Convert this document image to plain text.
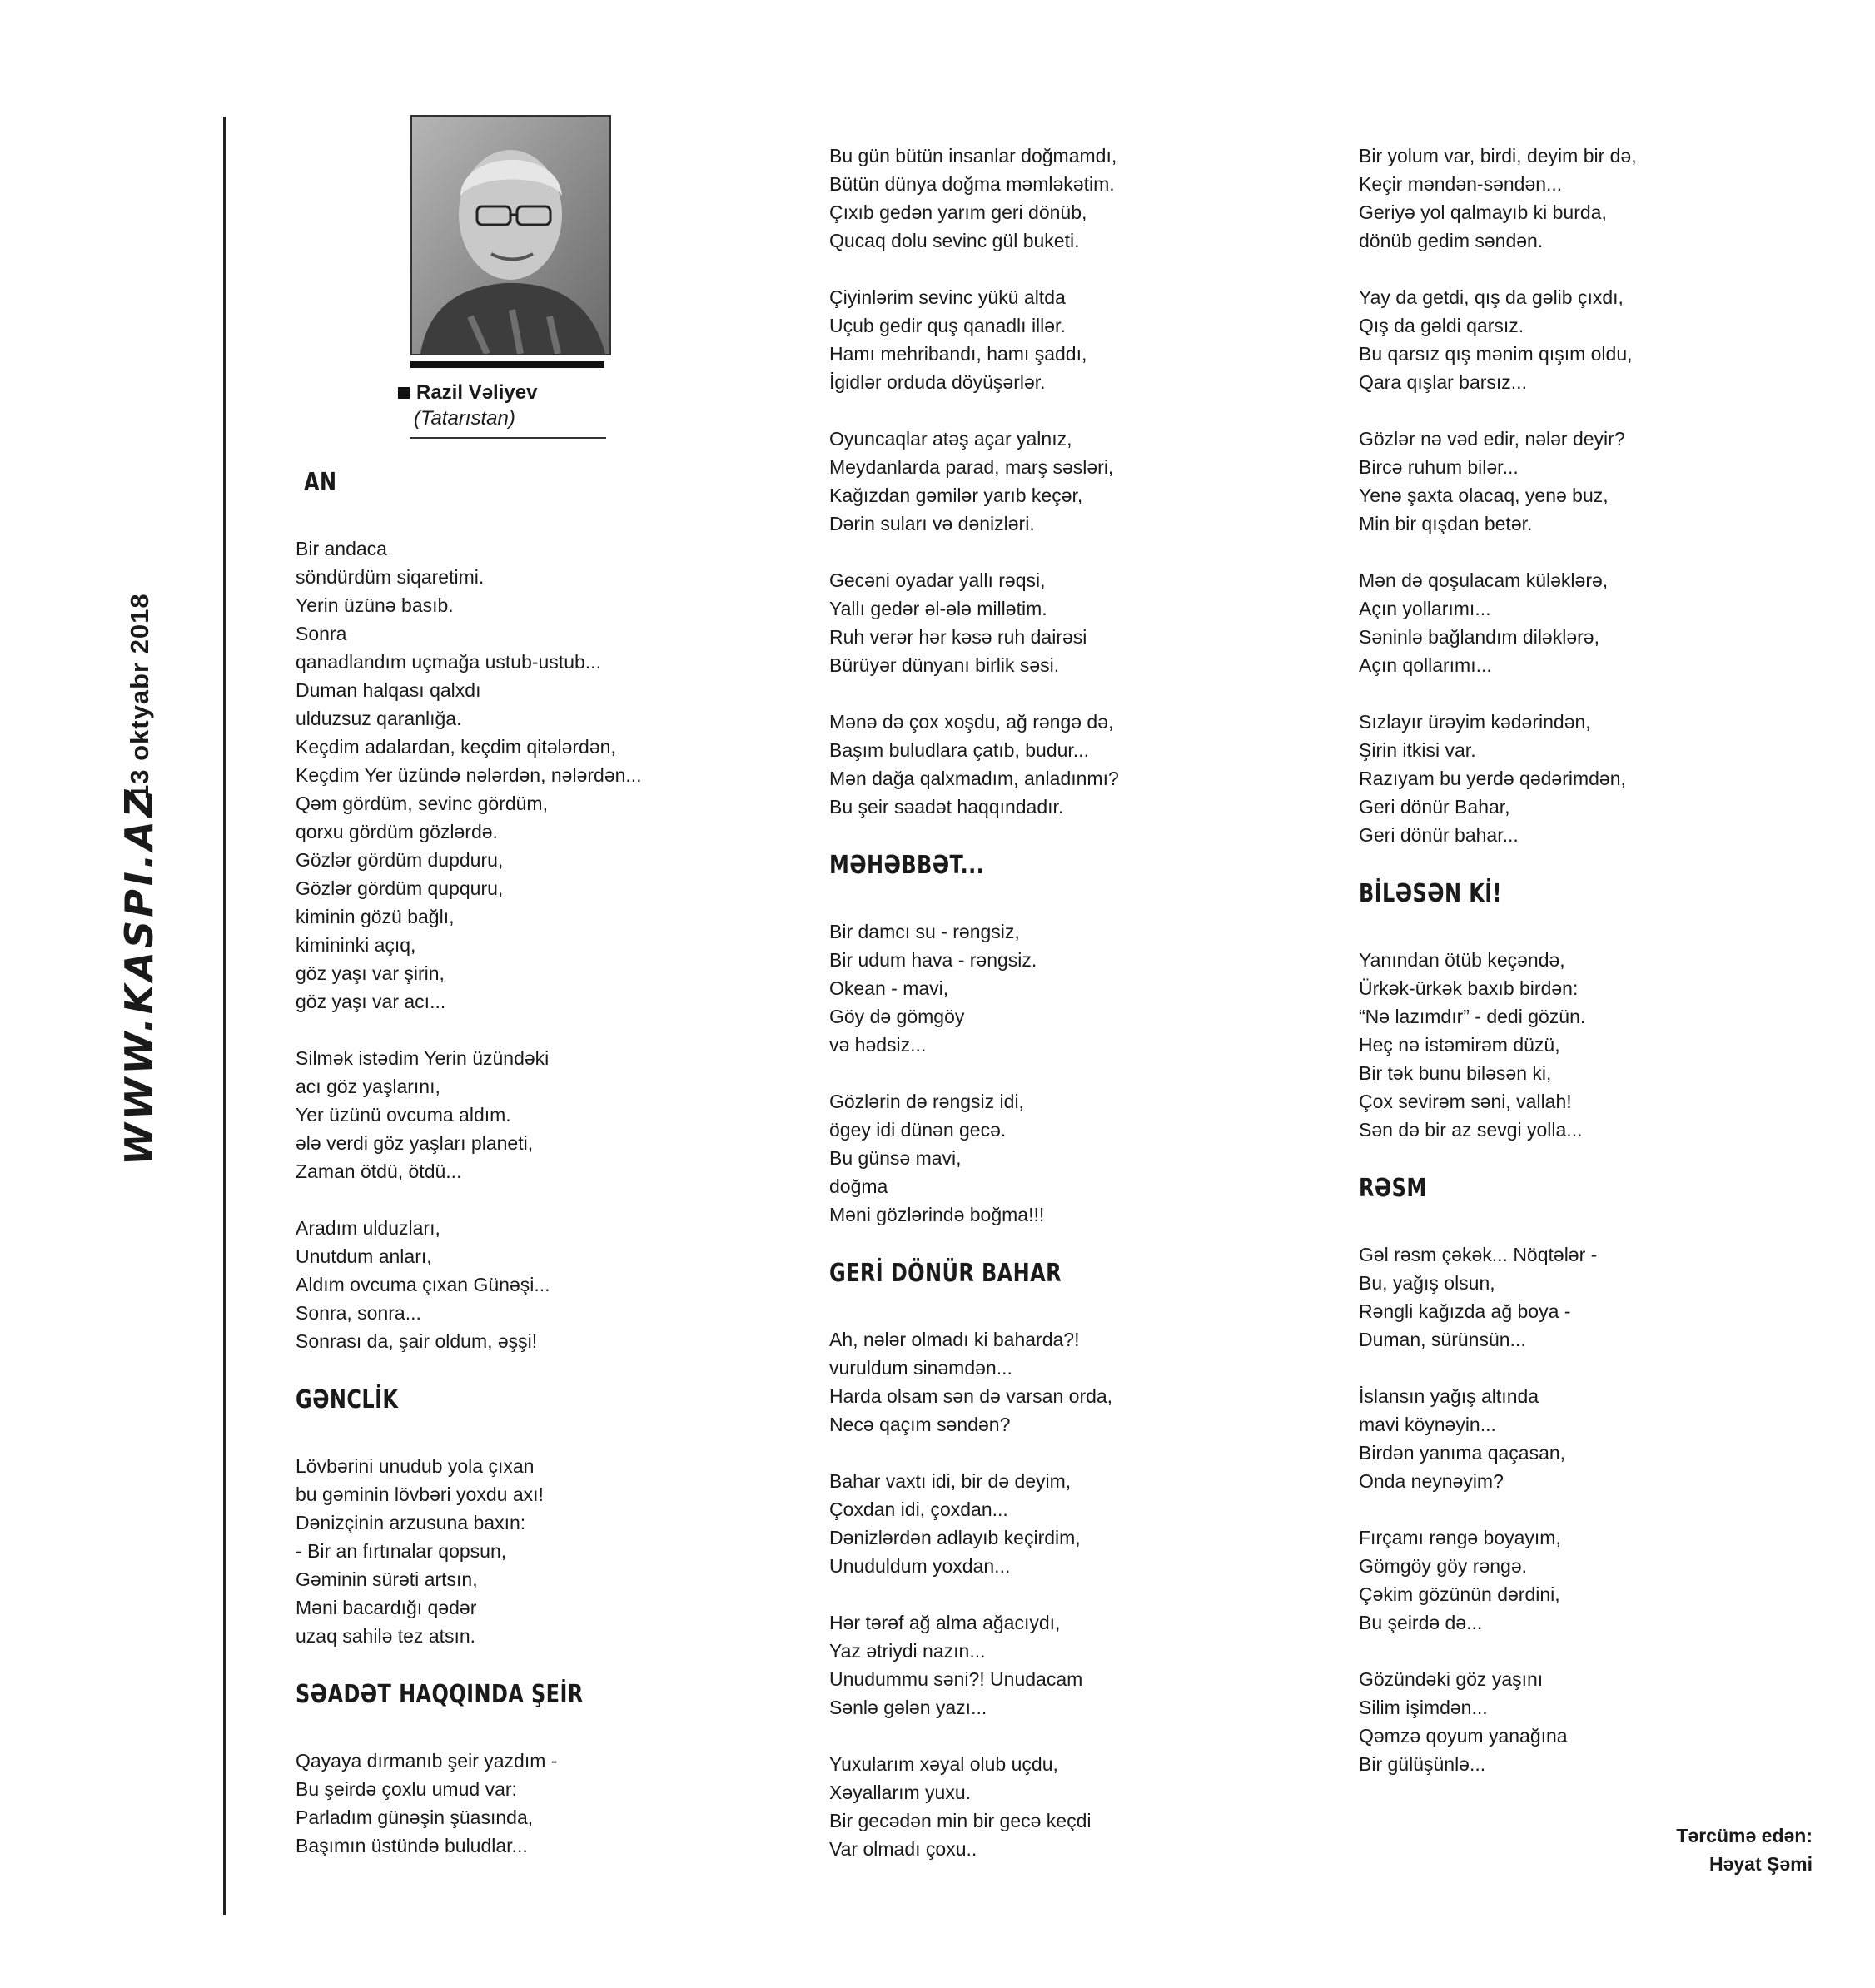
WWW.KASPI.AZ
13 oktyabr 2018
Razil Vəliyev
(Tatarıstan)
AN
Bir andaca
söndürdüm siqaretimi.
Yerin üzünə basıb.
Sonra
qanadlandım uçmağa ustub-ustub...
Duman halqası qalxdı
ulduzsuz qaranlığa.
Keçdim adalardan, keçdim qitələrdən,
Keçdim Yer üzündə nələrdən, nələrdən...
Qəm gördüm, sevinc gördüm,
qorxu gördüm gözlərdə.
Gözlər gördüm dupduru,
Gözlər gördüm qupquru,
kiminin gözü bağlı,
kimininki açıq,
göz yaşı var şirin,
göz yaşı var acı...
Silmək istədim Yerin üzündəki
acı göz yaşlarını,
Yer üzünü ovcuma aldım.
ələ verdi göz yaşları planeti,
Zaman ötdü, ötdü...
Aradım ulduzları,
Unutdum anları,
Aldım ovcuma çıxan Günəşi...
Sonra, sonra...
Sonrası da, şair oldum, əşşi!
GƏNCLİK
Lövbərini unudub yola çıxan
bu gəminin lövbəri yoxdu axı!
Dənizçinin arzusuna baxın:
- Bir an fırtınalar qopsun,
Gəminin sürəti artsın,
Məni bacardığı qədər
uzaq sahilə tez atsın.
SƏADƏT HAQQINDA ŞEİR
Qayaya dırmanıb şeir yazdım -
Bu şeirdə çoxlu umud var:
Parladım günəşin şüasında,
Başımın üstündə buludlar...
Bu gün bütün insanlar doğmamdı,
Bütün dünya doğma məmləkətim.
Çıxıb gedən yarım geri dönüb,
Qucaq dolu sevinc gül buketi.
Çiyinlərim sevinc yükü altda
Uçub gedir quş qanadlı illər.
Hamı mehribandı, hamı şaddı,
İgidlər orduda döyüşərlər.
Oyuncaqlar atəş açar yalnız,
Meydanlarda parad, marş səsləri,
Kağızdan gəmilər yarıb keçər,
Dərin suları və dənizləri.
Gecəni oyadar yallı rəqsi,
Yallı gedər əl-ələ millətim.
Ruh verər hər kəsə ruh dairəsi
Bürüyər dünyanı birlik səsi.
Mənə də çox xoşdu, ağ rəngə də,
Başım buludlara çatıb, budur...
Mən dağa qalxmadım, anladınmı?
Bu şeir səadət haqqındadır.
MƏHƏBBƏT...
Bir damcı su - rəngsiz,
Bir udum hava - rəngsiz.
Okean - mavi,
Göy də gömgöy
və hədsiz...
Gözlərin də rəngsiz idi,
ögey idi dünən gecə.
Bu günsə mavi,
doğma
Məni gözlərində boğma!!!
GERİ DÖNÜR BAHAR
Ah, nələr olmadı ki baharda?!
vuruldum sinəmdən...
Harda olsam sən də varsan orda,
Necə qaçım səndən?
Bahar vaxtı idi, bir də deyim,
Çoxdan idi, çoxdan...
Dənizlərdən adlayıb keçirdim,
Unuduldum yoxdan...
Hər tərəf ağ alma ağacıydı,
Yaz ətriydi nazın...
Unudummu səni?! Unudacam
Sənlə gələn yazı...
Yuxularım xəyal olub uçdu,
Xəyallarım yuxu.
Bir gecədən min bir gecə keçdi
Var olmadı çoxu..
Bir yolum var, birdi, deyim bir də,
Keçir məndən-səndən...
Geriyə yol qalmayıb ki burda,
dönüb gedim səndən.
Yay da getdi, qış da gəlib çıxdı,
Qış da gəldi qarsız.
Bu qarsız qış mənim qışım oldu,
Qara qışlar barsız...
Gözlər nə vəd edir, nələr deyir?
Bircə ruhum bilər...
Yenə şaxta olacaq, yenə buz,
Min bir qışdan betər.
Mən də qoşulacam küləklərə,
Açın yollarımı...
Səninlə bağlandım diləklərə,
Açın qollarımı...
Sızlayır ürəyim kədərindən,
Şirin itkisi var.
Razıyam bu yerdə qədərimdən,
Geri dönür Bahar,
Geri dönür bahar...
BİLƏSƏN Kİ!
Yanından ötüb keçəndə,
Ürkək-ürkək baxıb birdən:
“Nə lazımdır” - dedi gözün.
Heç nə istəmirəm düzü,
Bir tək bunu biləsən ki,
Çox sevirəm səni, vallah!
Sən də bir az sevgi yolla...
RƏSM
Gəl rəsm çəkək... Nöqtələr -
Bu, yağış olsun,
Rəngli kağızda ağ boya -
Duman, sürünsün...
İslansın yağış altında
mavi köynəyin...
Birdən yanıma qaçasan,
Onda neynəyim?
Fırçamı rəngə boyayım,
Gömgöy göy rəngə.
Çəkim gözünün dərdini,
Bu şeirdə də...
Gözündəki göz yaşını
Silim işimdən...
Qəmzə qoyum yanağına
Bir gülüşünlə...
Tərcümə edən:
Həyat Şəmi
